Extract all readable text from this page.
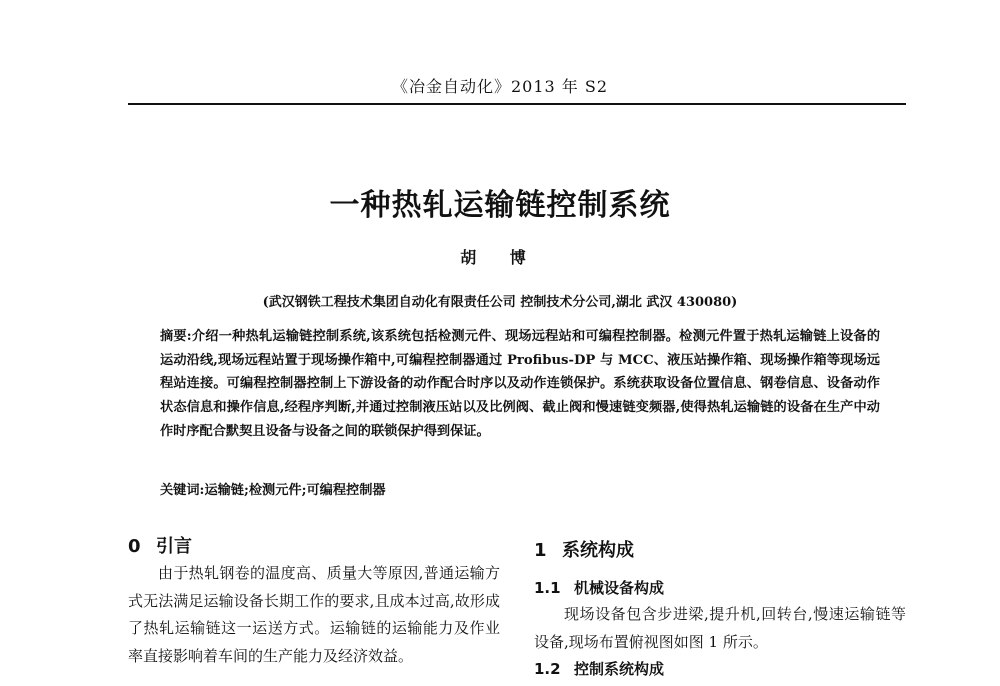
《冶金自动化》2013 年 S2
一种热轧运输链控制系统
胡 博
(武汉钢铁工程技术集团自动化有限责任公司 控制技术分公司,湖北 武汉 430080)
摘要:介绍一种热轧运输链控制系统,该系统包括检测元件、现场远程站和可编程控制器。检测元件置于热轧运输链上设备的运动沿线,现场远程站置于现场操作箱中,可编程控制器通过 Profibus-DP 与 MCC、液压站操作箱、现场操作箱等现场远程站连接。可编程控制器控制上下游设备的动作配合时序以及动作连锁保护。系统获取设备位置信息、钢卷信息、设备动作状态信息和操作信息,经程序判断,并通过控制液压站以及比例阀、截止阀和慢速链变频器,使得热轧运输链的设备在生产中动作时序配合默契且设备与设备之间的联锁保护得到保证。
关键词:运输链;检测元件;可编程控制器

0 引言

由于热轧钢卷的温度高、质量大等原因,普通运输方式无法满足运输设备长期工作的要求,且成本过高,故形成了热轧运输链这一运送方式。运输链的运输能力及作业率直接影响着车间的生产能力及经济效益。

1 系统构成

1.1 机械设备构成

现场设备包含步进梁,提升机,回转台,慢速运输链等设备,现场布置俯视图如图 1 所示。

1.2 控制系统构成
